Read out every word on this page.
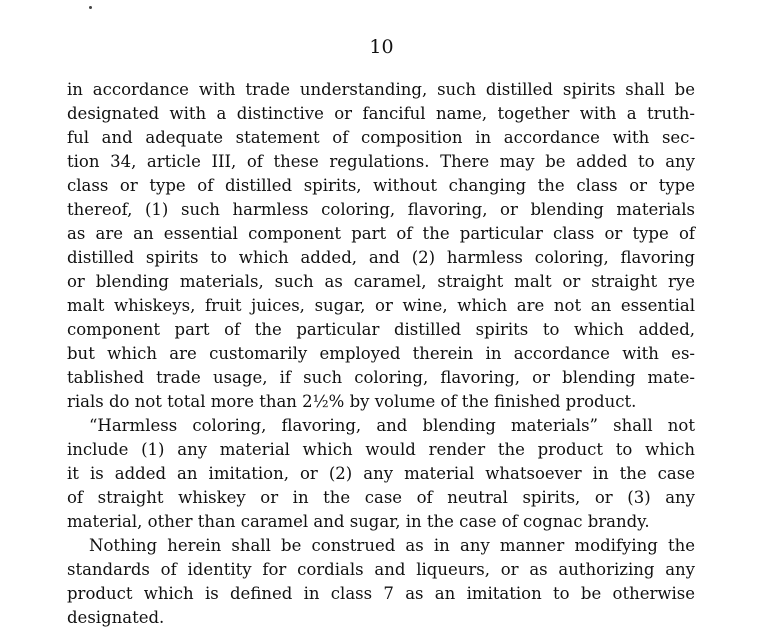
10

in accordance with trade understanding, such distilled spirits shall be
designated with a distinctive or fanciful name, together with a truth-
ful and adequate statement of composition in accordance with sec-
tion 34, article III, of these regulations. There may be added to any
class or type of distilled spirits, without changing the class or type
thereof, (1) such harmless coloring, flavoring, or blending materials
as are an essential component part of the particular class or type of
distilled spirits to which added, and (2) harmless coloring, flavoring
or blending materials, such as caramel, straight malt or straight rye
malt whiskeys, fruit juices, sugar, or wine, which are not an essential
component part of the particular distilled spirits to which added,
but which are customarily employed therein in accordance with es-
tablished trade usage, if such coloring, flavoring, or blending mate-
rials do not total more than 2½% by volume of the finished product.

“Harmless coloring, flavoring, and blending materials” shall not
include (1) any material which would render the product to which
it is added an imitation, or (2) any material whatsoever in the case
of straight whiskey or in the case of neutral spirits, or (3) any
material, other than caramel and sugar, in the case of cognac brandy.

Nothing herein shall be construed as in any manner modifying the
standards of identity for cordials and liqueurs, or as authorizing any
product which is defined in class 7 as an imitation to be otherwise
designated.
